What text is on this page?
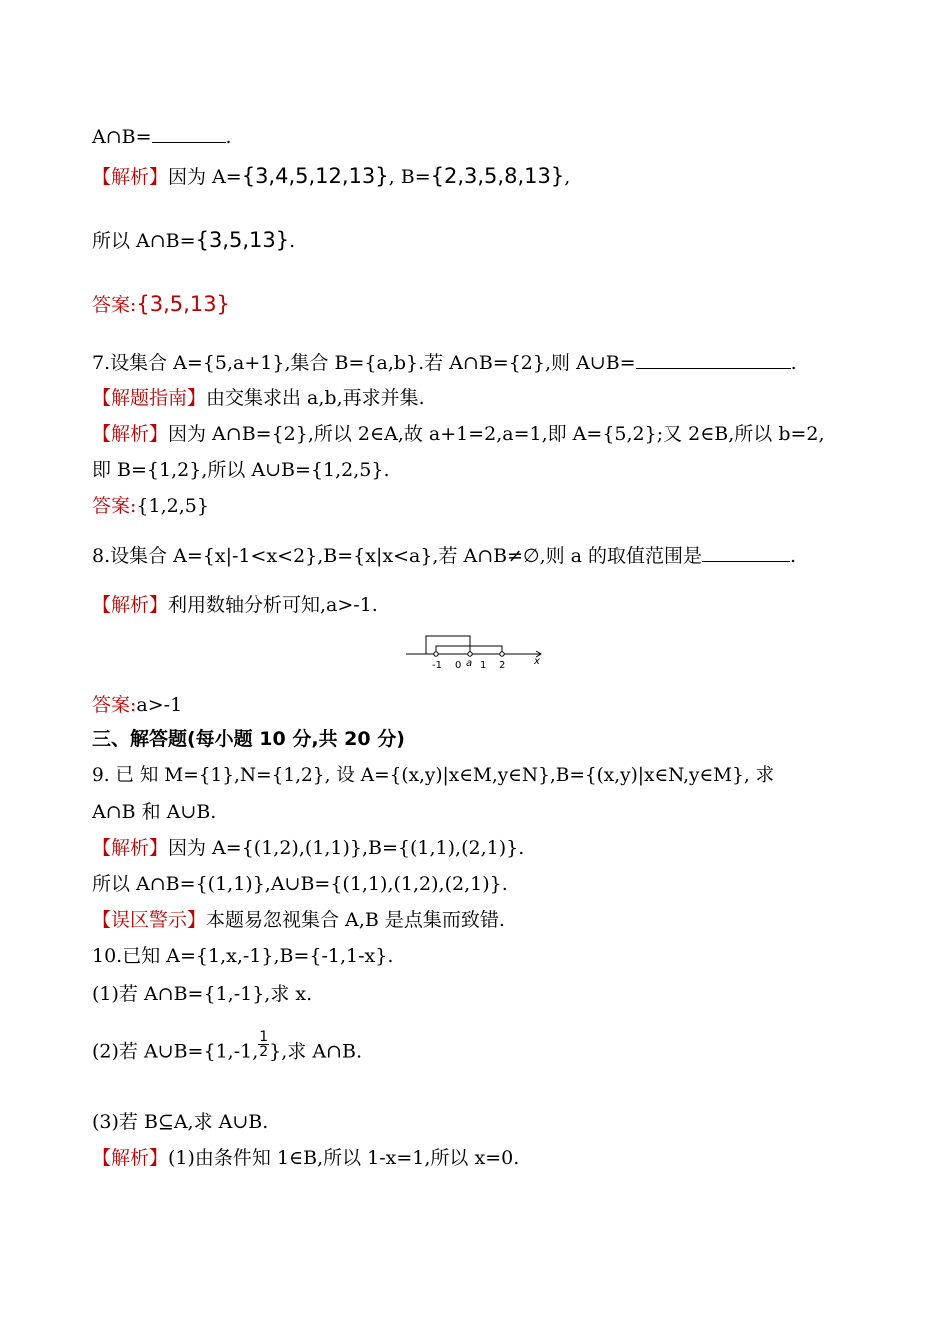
A∩B=	.
【解析】因为 A={3,4,5,12,13}, B={2,3,5,8,13},
所以 A∩B={3,5,13}.
答案:{3,5,13}
7.设集合 A={5,a+1},集合 B={a,b}.若 A∩B={2},则 A∪B=	.
【解题指南】由交集求出 a,b,再求并集.
【解析】因为 A∩B={2},所以 2∈A,故 a+1=2,a=1,即 A={5,2};又 2∈B,所以 b=2,
即 B={1,2},所以 A∪B={1,2,5}.
答案:{1,2,5}
8.设集合 A={x|-1<x<2},B={x|x<a},若 A∩B≠∅,则 a 的取值范围是	.
【解析】利用数轴分析可知,a>-1.
-1 0 a 1 2	x
答案:a>-1
三、解答题(每小题 10 分,共 20 分)
9. 已 知 M={1},N={1,2}, 设 A={(x,y)|x∈M,y∈N},B={(x,y)|x∈N,y∈M}, 求
A∩B 和 A∪B.
【解析】因为 A={(1,2),(1,1)},B={(1,1),(2,1)}.
所以 A∩B={(1,1)},A∪B={(1,1),(1,2),(2,1)}.
【误区警示】本题易忽视集合 A,B 是点集而致错.
10.已知 A={1,x,-1},B={-1,1-x}.
(1)若 A∩B={1,-1},求 x.
(2)若 A∪B={1,-1, $\frac{1}{2}$ },求 A∩B.
(3)若 B⊆A,求 A∪B.
【解析】(1)由条件知 1∈B,所以 1-x=1,所以 x=0.
